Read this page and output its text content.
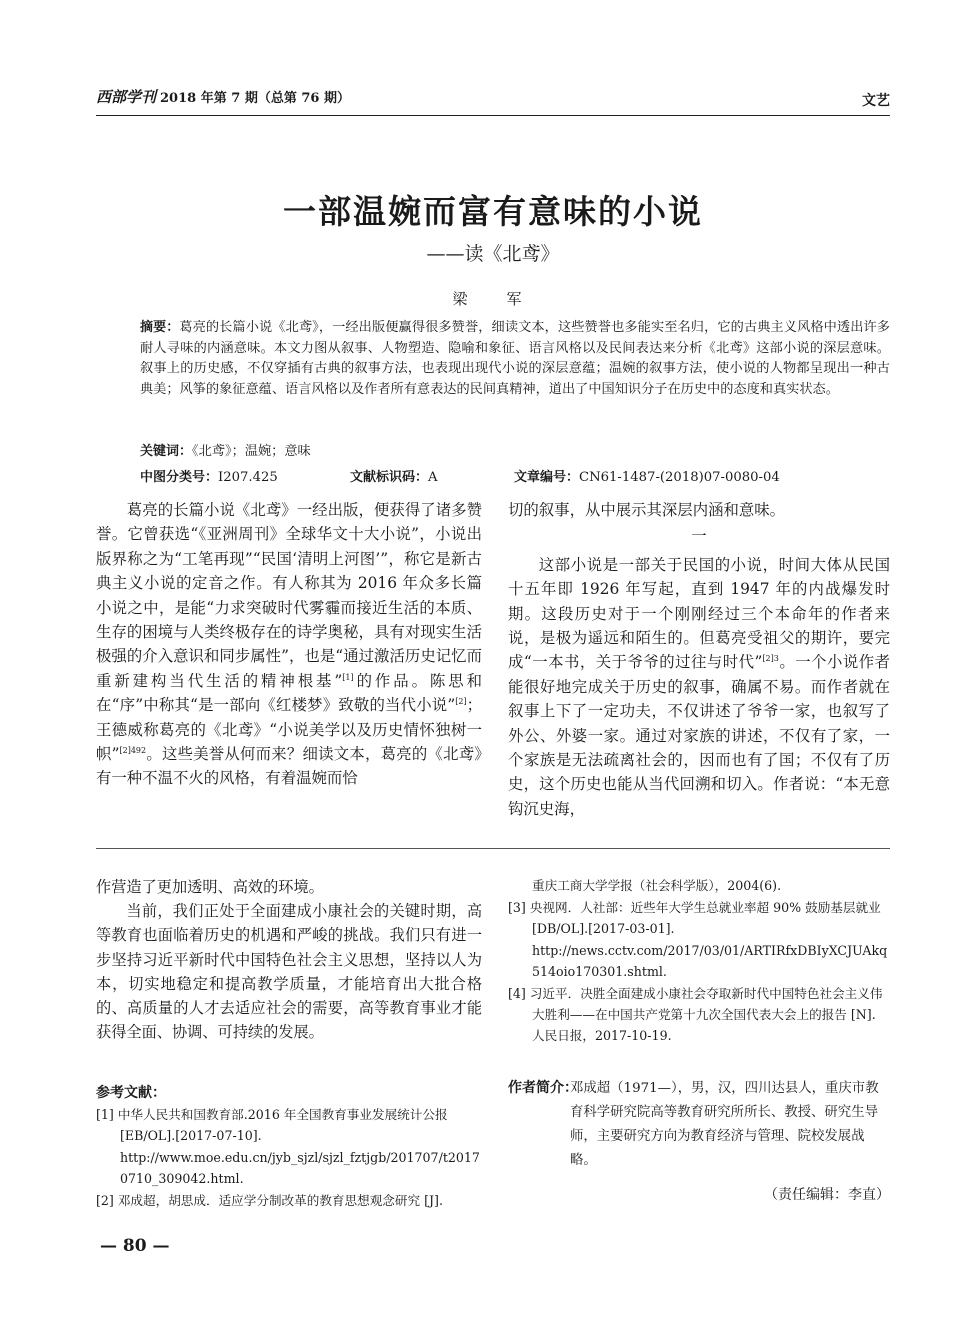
西部学刊 2018 年第 7 期（总第 76 期）	文艺
一部温婉而富有意味的小说
——读《北鸢》
梁　军
摘要：葛亮的长篇小说《北鸢》，一经出版便赢得很多赞誉，细读文本，这些赞誉也多能实至名归，它的古典主义风格中透出许多耐人寻味的内涵意味。本文力图从叙事、人物塑造、隐喻和象征、语言风格以及民间表达来分析《北鸢》这部小说的深层意味。叙事上的历史感，不仅穿插有古典的叙事方法，也表现出现代小说的深层意蕴；温婉的叙事方法，使小说的人物都呈现出一种古典美；风筝的象征意蕴、语言风格以及作者所有意表达的民间真精神，道出了中国知识分子在历史中的态度和真实状态。
关键词：《北鸢》；温婉；意味
中图分类号：I207.425	文献标识码：A	文章编号：CN61-1487-(2018)07-0080-04

葛亮的长篇小说《北鸢》一经出版，便获得了诸多赞誉。它曾获选“《亚洲周刊》全球华文十大小说”，小说出版界称之为“工笔再现”“民国‘清明上河图’”，称它是新古典主义小说的定音之作。有人称其为 2016 年众多长篇小说之中，是能“力求突破时代雾霾而接近生活的本质、生存的困境与人类终极存在的诗学奥秘，具有对现实生活极强的介入意识和同步属性”，也是“通过激活历史记忆而重新建构当代生活的精神根基”[1]的作品。陈思和在“序”中称其“是一部向《红楼梦》致敬的当代小说”[2]；王德威称葛亮的《北鸢》“小说美学以及历史情怀独树一帜”$^{[2]492}$。这些美誉从何而来？细读文本，葛亮的《北鸢》有一种不温不火的风格，有着温婉而恰

切的叙事，从中展示其深层内涵和意味。

一

这部小说是一部关于民国的小说，时间大体从民国十五年即 1926 年写起，直到 1947 年的内战爆发时期。这段历史对于一个刚刚经过三个本命年的作者来说，是极为遥远和陌生的。但葛亮受祖父的期许，要完成“一本书，关于爷爷的过往与时代”$^{[2]3}$。一个小说作者能很好地完成关于历史的叙事，确属不易。而作者就在叙事上下了一定功夫，不仅讲述了爷爷一家，也叙写了外公、外婆一家。通过对家族的讲述，不仅有了家，一个家族是无法疏离社会的，因而也有了国；不仅有了历史，这个历史也能从当代回溯和切入。作者说：“本无意钩沉史海，

作营造了更加透明、高效的环境。

当前，我们正处于全面建成小康社会的关键时期，高等教育也面临着历史的机遇和严峻的挑战。我们只有进一步坚持习近平新时代中国特色社会主义思想，坚持以人为本，切实地稳定和提高教学质量，才能培育出大批合格的、高质量的人才去适应社会的需要，高等教育事业才能获得全面、协调、可持续的发展。

参考文献：
[1] 中华人民共和国教育部.2016 年全国教育事业发展统计公报 [EB/OL].[2017-07-10].
http://www.moe.edu.cn/jyb_sjzl/sjzl_fztjgb/201707/t20170710_309042.html.
[2] 邓成超，胡思成．适应学分制改革的教育思想观念研究 [J].
重庆工商大学学报（社会科学版），2004(6).
[3] 央视网．人社部：近些年大学生总就业率超 90% 鼓励基层就业 [DB/OL].[2017-03-01].
http://news.cctv.com/2017/03/01/ARTIRfxDBIyXCJUAkq514oio170301.shtml.
[4] 习近平．决胜全面建成小康社会夺取新时代中国特色社会主义伟大胜利——在中国共产党第十九次全国代表大会上的报告 [N]. 人民日报，2017-10-19.
作者简介：
邓成超（1971—），男，汉，四川达县人，重庆市教育科学研究院高等教育研究所所长、教授、研究生导师，主要研究方向为教育经济与管理、院校发展战略。
（责任编辑：李直）
— 80 —
